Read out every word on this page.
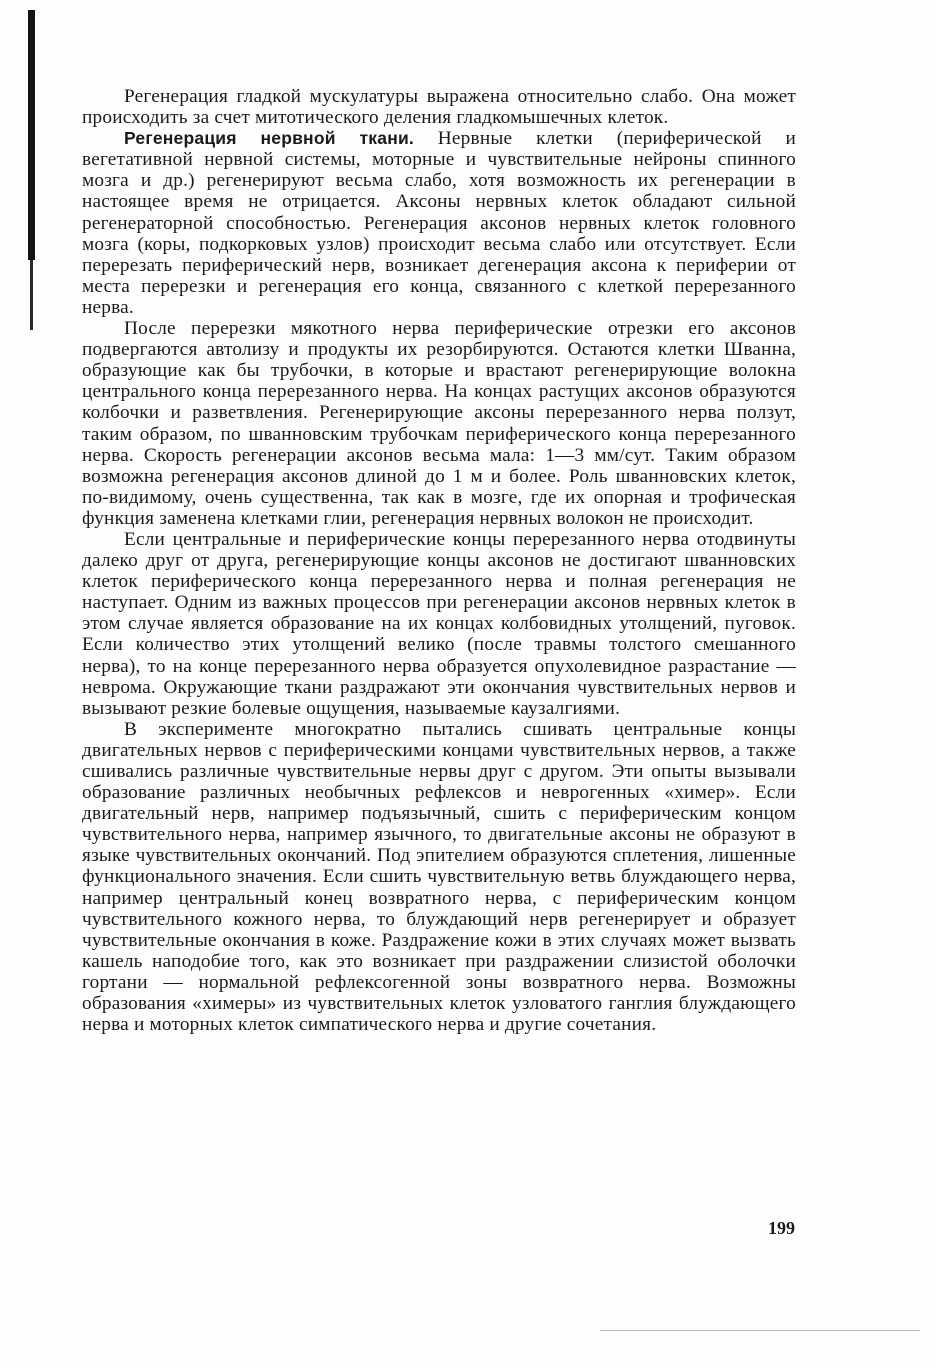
Регенерация гладкой мускулатуры выражена относительно слабо. Она может происходить за счет митотического деления гладкомышечных клеток.

Регенерация нервной ткани. Нервные клетки (периферической и вегетативной нервной системы, моторные и чувствительные нейроны спинного мозга и др.) регенерируют весьма слабо, хотя возможность их регенерации в настоящее время не отрицается. Аксоны нервных клеток обладают сильной регенераторной способностью. Регенерация аксонов нервных клеток головного мозга (коры, подкорковых узлов) происходит весьма слабо или отсутствует. Если перерезать периферический нерв, возникает дегенерация аксона к периферии от места перерезки и регенерация его конца, связанного с клеткой перерезанного нерва.

После перерезки мякотного нерва периферические отрезки его аксонов подвергаются автолизу и продукты их резорбируются. Остаются клетки Шванна, образующие как бы трубочки, в которые и врастают регенерирующие волокна центрального конца перерезанного нерва. На концах растущих аксонов образуются колбочки и разветвления. Регенерирующие аксоны перерезанного нерва ползут, таким образом, по шванновским трубочкам периферического конца перерезанного нерва. Скорость регенерации аксонов весьма мала: 1—3 мм/сут. Таким образом возможна регенерация аксонов длиной до 1 м и более. Роль шванновских клеток, по-видимому, очень существенна, так как в мозге, где их опорная и трофическая функция заменена клетками глии, регенерация нервных волокон не происходит.

Если центральные и периферические концы перерезанного нерва отодвинуты далеко друг от друга, регенерирующие концы аксонов не достигают шванновских клеток периферического конца перерезанного нерва и полная регенерация не наступает. Одним из важных процессов при регенерации аксонов нервных клеток в этом случае является образование на их концах колбовидных утолщений, пуговок. Если количество этих утолщений велико (после травмы толстого смешанного нерва), то на конце перерезанного нерва образуется опухолевидное разрастание — неврома. Окружающие ткани раздражают эти окончания чувствительных нервов и вызывают резкие болевые ощущения, называемые каузалгиями.

В эксперименте многократно пытались сшивать центральные концы двигательных нервов с периферическими концами чувствительных нервов, а также сшивались различные чувствительные нервы друг с другом. Эти опыты вызывали образование различных необычных рефлексов и неврогенных «химер». Если двигательный нерв, например подъязычный, сшить с периферическим концом чувствительного нерва, например язычного, то двигательные аксоны не образуют в языке чувствительных окончаний. Под эпителием образуются сплетения, лишенные функционального значения. Если сшить чувствительную ветвь блуждающего нерва, например центральный конец возвратного нерва, с периферическим концом чувствительного кожного нерва, то блуждающий нерв регенерирует и образует чувствительные окончания в коже. Раздражение кожи в этих случаях может вызвать кашель наподобие того, как это возникает при раздражении слизистой оболочки гортани — нормальной рефлексогенной зоны возвратного нерва. Возможны образования «химеры» из чувствительных клеток узловатого ганглия блуждающего нерва и моторных клеток симпатического нерва и другие сочетания.

199
